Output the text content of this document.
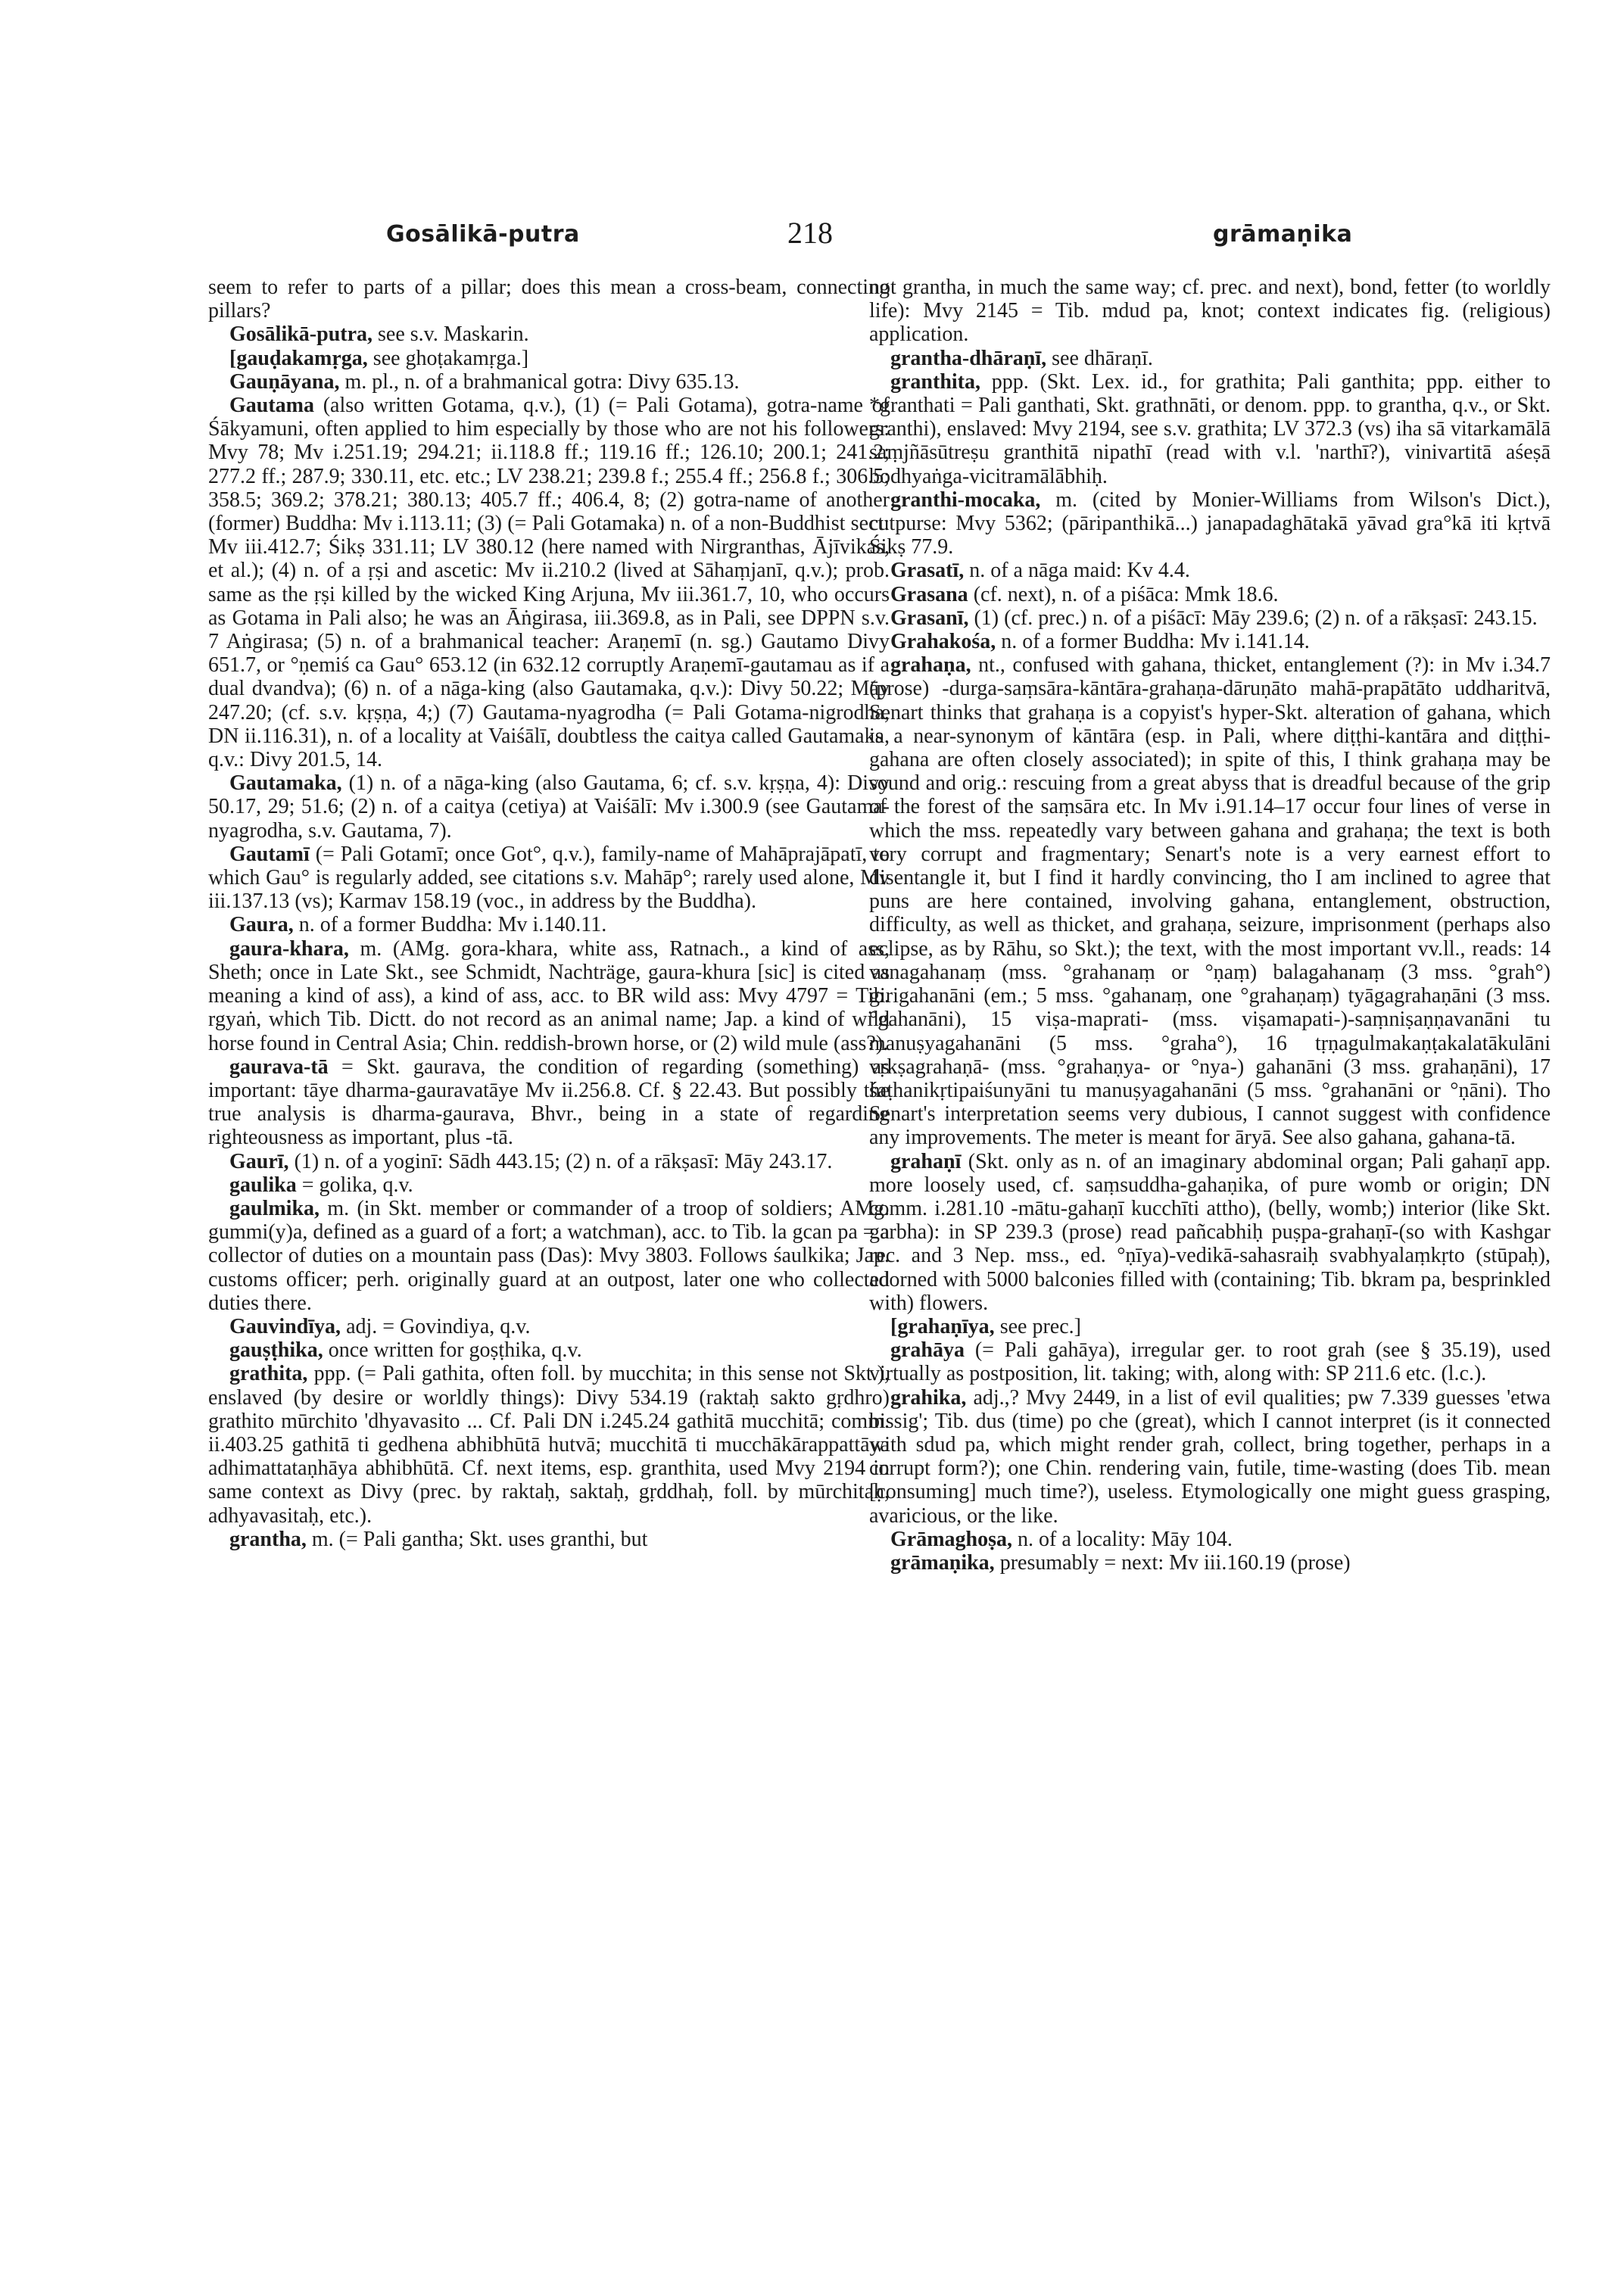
Gosālikā-putra	218	grāmaṇika

seem to refer to parts of a pillar; does this mean a cross-beam, connecting pillars?

Gosālikā-putra, see s.v. Maskarin.

[gauḍakamṛga, see ghoṭakamṛga.]

Gauṇāyana, m. pl., n. of a brahmanical gotra: Divy 635.13.

Gautama (also written Gotama, q.v.), (1) (= Pali Gotama), gotra-name of Śākyamuni, often applied to him especially by those who are not his followers: Mvy 78; Mv i.251.19; 294.21; ii.118.8 ff.; 119.16 ff.; 126.10; 200.1; 241.2; 277.2 ff.; 287.9; 330.11, etc. etc.; LV 238.21; 239.8 f.; 255.4 ff.; 256.8 f.; 306.5; 358.5; 369.2; 378.21; 380.13; 405.7 ff.; 406.4, 8; (2) gotra-name of another (former) Buddha: Mv i.113.11; (3) (= Pali Gotamaka) n. of a non-Buddhist sect: Mv iii.412.7; Śikṣ 331.11; LV 380.12 (here named with Nirgranthas, Ājīvikas, et al.); (4) n. of a ṛṣi and ascetic: Mv ii.210.2 (lived at Sāhaṃjanī, q.v.); prob. same as the ṛṣi killed by the wicked King Arjuna, Mv iii.361.7, 10, who occurs as Gotama in Pali also; he was an Āṅgirasa, iii.369.8, as in Pali, see DPPN s.v. 7 Aṅgirasa; (5) n. of a brahmanical teacher: Araṇemī (n. sg.) Gautamo Divy 651.7, or °ṇemiś ca Gau° 653.12 (in 632.12 corruptly Araṇemī-gautamau as if a dual dvandva); (6) n. of a nāga-king (also Gautamaka, q.v.): Divy 50.22; Māy 247.20; (cf. s.v. kṛṣṇa, 4;) (7) Gautama-nyagrodha (= Pali Gotama-nigrodha, DN ii.116.31), n. of a locality at Vaiśālī, doubtless the caitya called Gautamaka, q.v.: Divy 201.5, 14.

Gautamaka, (1) n. of a nāga-king (also Gautama, 6; cf. s.v. kṛṣṇa, 4): Divy 50.17, 29; 51.6; (2) n. of a caitya (cetiya) at Vaiśālī: Mv i.300.9 (see Gautama-nyagrodha, s.v. Gautama, 7).

Gautamī (= Pali Gotamī; once Got°, q.v.), family-name of Mahāprajāpatī, to which Gau° is regularly added, see citations s.v. Mahāp°; rarely used alone, Mv iii.137.13 (vs); Karmav 158.19 (voc., in address by the Buddha).

Gaura, n. of a former Buddha: Mv i.140.11.

gaura-khara, m. (AMg. gora-khara, white ass, Ratnach., a kind of ass, Sheth; once in Late Skt., see Schmidt, Nachträge, gaura-khura [sic] is cited as meaning a kind of ass), a kind of ass, acc. to BR wild ass: Mvy 4797 = Tib. rgyaṅ, which Tib. Dictt. do not record as an animal name; Jap. a kind of wild horse found in Central Asia; Chin. reddish-brown horse, or (2) wild mule (ass?).

gaurava-tā = Skt. gaurava, the condition of regarding (something) as important: tāye dharma-gauravatāye Mv ii.256.8. Cf. § 22.43. But possibly the true analysis is dharma-gaurava, Bhvr., being in a state of regarding righteousness as important, plus -tā.

Gaurī, (1) n. of a yoginī: Sādh 443.15; (2) n. of a rākṣasī: Māy 243.17.

gaulika = golika, q.v.

gaulmika, m. (in Skt. member or commander of a troop of soldiers; AMg. gummi(y)a, defined as a guard of a fort; a watchman), acc. to Tib. la gcan pa = a collector of duties on a mountain pass (Das): Mvy 3803. Follows śaulkika; Jap. customs officer; perh. originally guard at an outpost, later one who collected duties there.

Gauvindīya, adj. = Govindiya, q.v.

gauṣṭhika, once written for goṣṭhika, q.v.

grathita, ppp. (= Pali gathita, often foll. by mucchita; in this sense not Skt.), enslaved (by desire or worldly things): Divy 534.19 (raktaḥ sakto gṛdhro) grathito mūrchito 'dhyavasito ... Cf. Pali DN i.245.24 gathitā mucchitā; comm. ii.403.25 gathitā ti gedhena abhibhūtā hutvā; mucchitā ti mucchākārappattāya adhimattataṇhāya abhibhūtā. Cf. next items, esp. granthita, used Mvy 2194 in same context as Divy (prec. by raktaḥ, saktaḥ, gṛddhaḥ, foll. by mūrchitaḥ, adhyavasitaḥ, etc.).

grantha, m. (= Pali gantha; Skt. uses granthi, but

not grantha, in much the same way; cf. prec. and next), bond, fetter (to worldly life): Mvy 2145 = Tib. mdud pa, knot; context indicates fig. (religious) application.

grantha-dhāraṇī, see dhāraṇī.

granthita, ppp. (Skt. Lex. id., for grathita; Pali ganthita; ppp. either to *granthati = Pali ganthati, Skt. grathnāti, or denom. ppp. to grantha, q.v., or Skt. granthi), enslaved: Mvy 2194, see s.v. grathita; LV 372.3 (vs) iha sā vitarkamālā saṃjñāsūtreṣu granthitā nipathī (read with v.l. 'narthī?), vinivartitā aśeṣā bodhyaṅga-vicitramālābhiḥ.

granthi-mocaka, m. (cited by Monier-Williams from Wilson's Dict.), cutpurse: Mvy 5362; (pāripanthikā...) janapadaghātakā yāvad gra°kā iti kṛtvā Śikṣ 77.9.

Grasatī, n. of a nāga maid: Kv 4.4.

Grasana (cf. next), n. of a piśāca: Mmk 18.6.

Grasanī, (1) (cf. prec.) n. of a piśācī: Māy 239.6; (2) n. of a rākṣasī: 243.15.

Grahakośa, n. of a former Buddha: Mv i.141.14.

grahaṇa, nt., confused with gahana, thicket, entanglement (?): in Mv i.34.7 (prose) -durga-saṃsāra-kāntāra-grahaṇa-dāruṇāto mahā-prapātāto uddharitvā, Senart thinks that grahaṇa is a copyist's hyper-Skt. alteration of gahana, which is a near-synonym of kāntāra (esp. in Pali, where diṭṭhi-kantāra and diṭṭhi-gahana are often closely associated); in spite of this, I think grahaṇa may be sound and orig.: rescuing from a great abyss that is dreadful because of the grip of the forest of the saṃsāra etc. In Mv i.91.14–17 occur four lines of verse in which the mss. repeatedly vary between gahana and grahaṇa; the text is both very corrupt and fragmentary; Senart's note is a very earnest effort to disentangle it, but I find it hardly convincing, tho I am inclined to agree that puns are here contained, involving gahana, entanglement, obstruction, difficulty, as well as thicket, and grahaṇa, seizure, imprisonment (perhaps also eclipse, as by Rāhu, so Skt.); the text, with the most important vv.ll., reads: 14 vanagahanaṃ (mss. °grahanaṃ or °ṇaṃ) balagahanaṃ (3 mss. °grah°) girigahanāni (em.; 5 mss. °gahanaṃ, one °grahaṇaṃ) tyāgagrahaṇāni (3 mss. °gahanāni), 15 viṣa-maprati- (mss. viṣamapati-)-saṃniṣaṇṇavanāni tu manuṣyagahanāni (5 mss. °graha°), 16 tṛṇagulmakaṇṭakalatākulāni vṛkṣagrahaṇā- (mss. °grahaṇya- or °nya-) gahanāni (3 mss. grahaṇāni), 17 śaṭhanikṛtipaiśunyāni tu manuṣyagahanāni (5 mss. °grahanāni or °ṇāni). Tho Senart's interpretation seems very dubious, I cannot suggest with confidence any improvements. The meter is meant for āryā. See also gahana, gahana-tā.

grahaṇī (Skt. only as n. of an imaginary abdominal organ; Pali gahaṇī app. more loosely used, cf. saṃsuddha-gahaṇika, of pure womb or origin; DN comm. i.281.10 -mātu-gahaṇī kucchīti attho), (belly, womb;) interior (like Skt. garbha): in SP 239.3 (prose) read pañcabhiḥ puṣpa-grahaṇī-(so with Kashgar rec. and 3 Nep. mss., ed. °ṇīya)-vedikā-sahasraiḥ svabhyalaṃkṛto (stūpaḥ), adorned with 5000 balconies filled with (containing; Tib. bkram pa, besprinkled with) flowers.

[grahaṇīya, see prec.]

grahāya (= Pali gahāya), irregular ger. to root grah (see § 35.19), used virtually as postposition, lit. taking; with, along with: SP 211.6 etc. (l.c.).

grahika, adj.,? Mvy 2449, in a list of evil qualities; pw 7.339 guesses 'etwa bissig'; Tib. dus (time) po che (great), which I cannot interpret (is it connected with sdud pa, which might render grah, collect, bring together, perhaps in a corrupt form?); one Chin. rendering vain, futile, time-wasting (does Tib. mean [consuming] much time?), useless. Etymologically one might guess grasping, avaricious, or the like.

Grāmaghoṣa, n. of a locality: Māy 104.

grāmaṇika, presumably = next: Mv iii.160.19 (prose)
